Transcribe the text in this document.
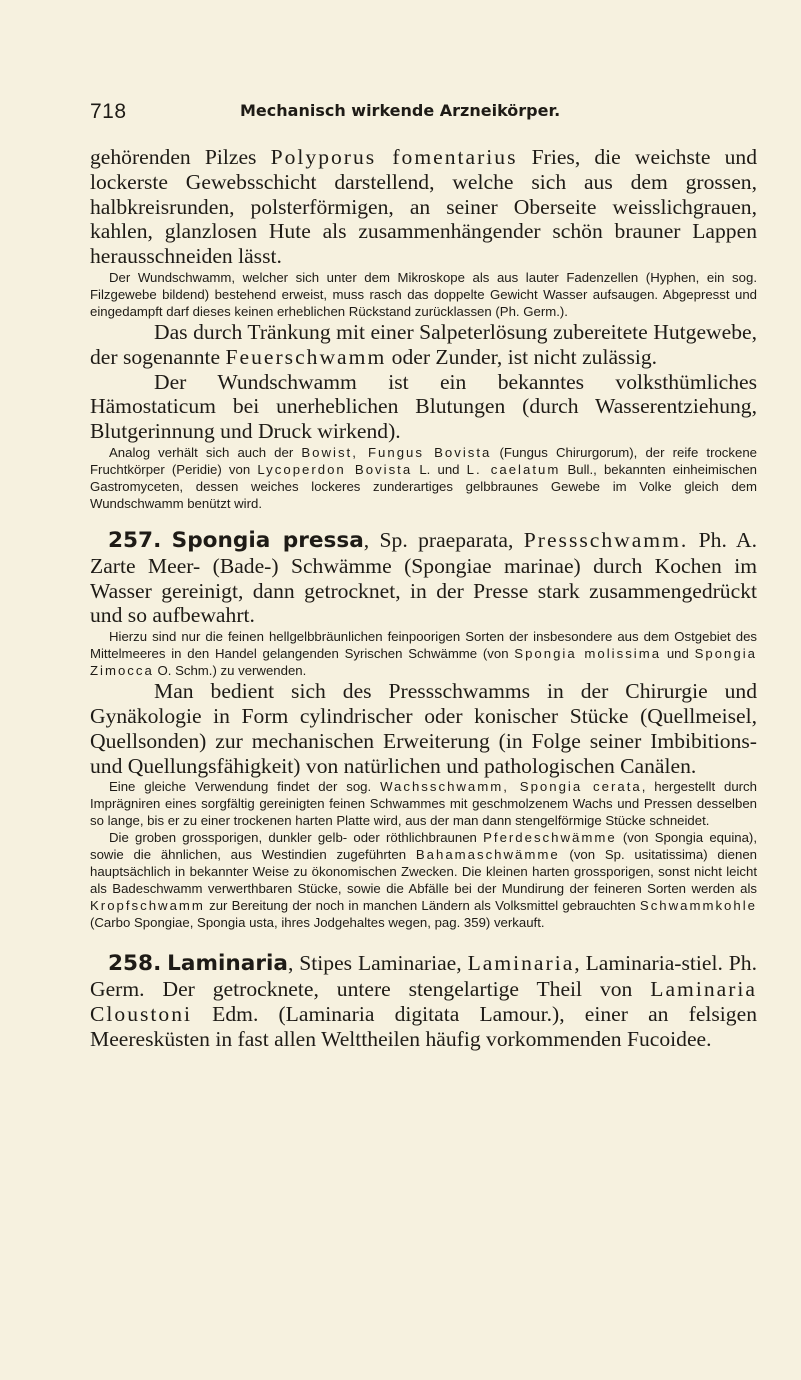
718	Mechanisch wirkende Arzneikörper.

gehörenden Pilzes Polyporus fomentarius Fries, die weichste und lockerste Gewebsschicht darstellend, welche sich aus dem grossen, halbkreisrunden, polsterförmigen, an seiner Oberseite weisslichgrauen, kahlen, glanzlosen Hute als zusammenhängender schön brauner Lappen herausschneiden lässt.

Der Wundschwamm, welcher sich unter dem Mikroskope als aus lauter Fadenzellen (Hyphen, ein sog. Filzgewebe bildend) bestehend erweist, muss rasch das doppelte Gewicht Wasser aufsaugen. Abgepresst und eingedampft darf dieses keinen erheblichen Rückstand zurücklassen (Ph. Germ.).

Das durch Tränkung mit einer Salpeterlösung zubereitete Hutgewebe, der sogenannte Feuerschwamm oder Zunder, ist nicht zulässig.

Der Wundschwamm ist ein bekanntes volksthümliches Hämostaticum bei unerheblichen Blutungen (durch Wasserentziehung, Blutgerinnung und Druck wirkend).

Analog verhält sich auch der Bowist, Fungus Bovista (Fungus Chirurgorum), der reife trockene Fruchtkörper (Peridie) von Lycoperdon Bovista L. und L. caelatum Bull., bekannten einheimischen Gastromyceten, dessen weiches lockeres zunderartiges gelbbraunes Gewebe im Volke gleich dem Wundschwamm benützt wird.

257. Spongia pressa, Sp. praeparata, Pressschwamm. Ph. A. Zarte Meer- (Bade-) Schwämme (Spongiae marinae) durch Kochen im Wasser gereinigt, dann getrocknet, in der Presse stark zusammengedrückt und so aufbewahrt.

Hierzu sind nur die feinen hellgelbbräunlichen feinpoorigen Sorten der insbesondere aus dem Ostgebiet des Mittelmeeres in den Handel gelangenden Syrischen Schwämme (von Spongia molissima und Spongia Zimocca O. Schm.) zu verwenden.

Man bedient sich des Pressschwamms in der Chirurgie und Gynäkologie in Form cylindrischer oder konischer Stücke (Quellmeisel, Quellsonden) zur mechanischen Erweiterung (in Folge seiner Imbibitions- und Quellungsfähigkeit) von natürlichen und pathologischen Canälen.

Eine gleiche Verwendung findet der sog. Wachsschwamm, Spongia cerata, hergestellt durch Imprägniren eines sorgfältig gereinigten feinen Schwammes mit geschmolzenem Wachs und Pressen desselben so lange, bis er zu einer trockenen harten Platte wird, aus der man dann stengelförmige Stücke schneidet.

Die groben grossporigen, dunkler gelb- oder röthlichbraunen Pferdeschwämme (von Spongia equina), sowie die ähnlichen, aus Westindien zugeführten Bahamaschwämme (von Sp. usitatissima) dienen hauptsächlich in bekannter Weise zu ökonomischen Zwecken. Die kleinen harten grossporigen, sonst nicht leicht als Badeschwamm verwerthbaren Stücke, sowie die Abfälle bei der Mundirung der feineren Sorten werden als Kropfschwamm zur Bereitung der noch in manchen Ländern als Volksmittel gebrauchten Schwammkohle (Carbo Spongiae, Spongia usta, ihres Jodgehaltes wegen, pag. 359) verkauft.

258. Laminaria, Stipes Laminariae, Laminaria, Laminaria-stiel. Ph. Germ. Der getrocknete, untere stengelartige Theil von Laminaria Cloustoni Edm. (Laminaria digitata Lamour.), einer an felsigen Meeresküsten in fast allen Welttheilen häufig vorkommenden Fucoidee.
